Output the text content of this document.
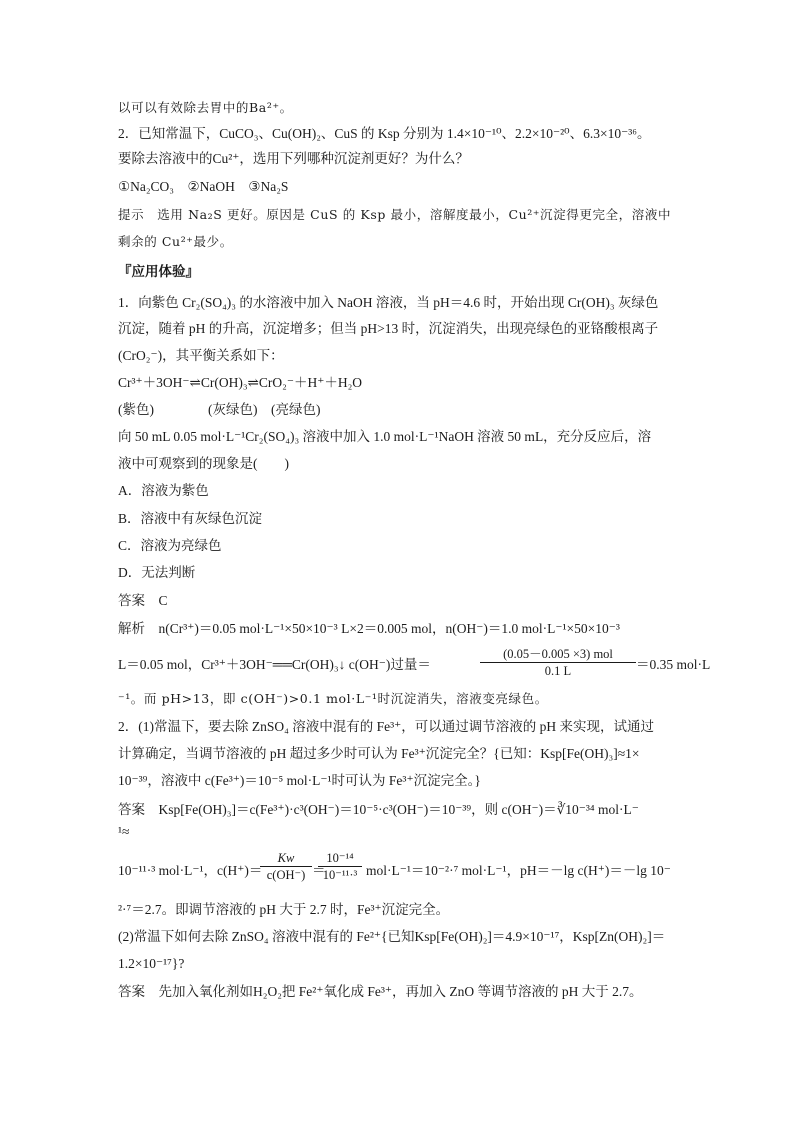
以可以有效除去胃中的Ba²⁺。
2．已知常温下，CuCO₃、Cu(OH)₂、CuS 的 Ksp 分别为 1.4×10⁻¹⁰、2.2×10⁻²⁰、6.3×10⁻³⁶。
要除去溶液中的Cu²⁺，选用下列哪种沉淀剂更好？为什么？
①Na₂CO₃　②NaOH　③Na₂S
提示　选用 Na₂S 更好。原因是 CuS 的 Ksp 最小，溶解度最小，Cu²⁺沉淀得更完全，溶液中
剩余的 Cu²⁺最少。
『应用体验』
1．向紫色 Cr₂(SO₄)₃ 的水溶液中加入 NaOH 溶液，当 pH＝4.6 时，开始出现 Cr(OH)₃ 灰绿色
沉淀，随着 pH 的升高，沉淀增多；但当 pH>13 时，沉淀消失，出现亮绿色的亚铬酸根离子
(CrO₂⁻)，其平衡关系如下：
Cr³⁺＋3OH⁻⇌Cr(OH)₃⇌CrO₂⁻＋H⁺＋H₂O
(紫色)　　　　(灰绿色)　(亮绿色)
向 50 mL 0.05 mol·L⁻¹Cr₂(SO₄)₃ 溶液中加入 1.0 mol·L⁻¹NaOH 溶液 50 mL，充分反应后，溶
液中可观察到的现象是(　　)
A．溶液为紫色
B．溶液中有灰绿色沉淀
C．溶液为亮绿色
D．无法判断
答案　C
解析　n(Cr³⁺)＝0.05 mol·L⁻¹×50×10⁻³ L×2＝0.005 mol，n(OH⁻)＝1.0 mol·L⁻¹×50×10⁻³
L＝0.05 mol，Cr³⁺＋3OH⁻══Cr(OH)₃↓ c(OH⁻)过量＝
(0.05－0.005 ×3) mol
0.1 L	＝0.35 mol·L
⁻¹。而 pH>13，即 c(OH⁻)>0.1 mol·L⁻¹时沉淀消失，溶液变亮绿色。
2．(1)常温下，要去除 ZnSO₄ 溶液中混有的 Fe³⁺，可以通过调节溶液的 pH 来实现，试通过
计算确定，当调节溶液的 pH 超过多少时可认为 Fe³⁺沉淀完全？{已知：Ksp[Fe(OH)₃]≈1×
10⁻³⁹，溶液中 c(Fe³⁺)＝10⁻⁵ mol·L⁻¹时可认为 Fe³⁺沉淀完全。}
答案　Ksp[Fe(OH)₃]＝c(Fe³⁺)·c³(OH⁻)＝10⁻⁵·c³(OH⁻)＝10⁻³⁹，则 c(OH⁻)＝∛10⁻³⁴ mol·L⁻
¹≈
10⁻¹¹·³ mol·L⁻¹，c(H⁺)＝
$\frac{Kw}{c(OH^-)}$ ＝
$\frac{\text{10⁻¹⁴}}{\text{10⁻¹¹·³}} mol\cdot L^{-1}=10^{-2}\cdot^7$ mol·L⁻¹，pH＝－lg c(H⁺)＝－lg 10⁻
²·⁷＝2.7。即调节溶液的 pH 大于 2.7 时，Fe³⁺沉淀完全。
(2)常温下如何去除 ZnSO₄ 溶液中混有的 Fe²⁺{已知Ksp[Fe(OH)₂]＝4.9×10⁻¹⁷，Ksp[Zn(OH)₂]＝
1.2×10⁻¹⁷}?
答案　先加入氧化剂如H₂O₂把 Fe²⁺氧化成 Fe³⁺，再加入 ZnO 等调节溶液的 pH 大于 2.7。
